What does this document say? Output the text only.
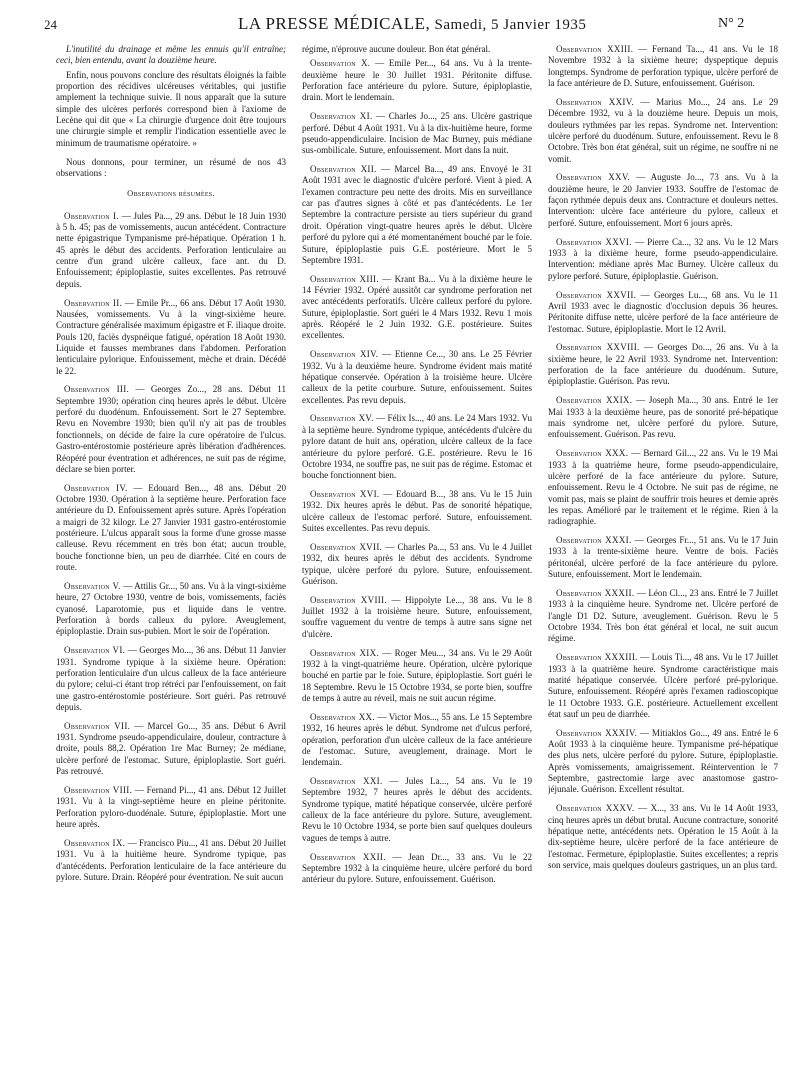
24	LA PRESSE MÉDICALE, Samedi, 5 Janvier 1935	N° 2

L'inutilité du drainage et même les ennuis qu'il entraîne; ceci, bien entendu, avant la douzième heure.

Enfin, nous pouvons conclure des résultats éloignés la faible proportion des récidives ulcéreuses véritables, qui justifie amplement la technique suivie. Il nous apparaît que la suture simple des ulcères perforés correspond bien à l'axiome de Lecène qui dit que « La chirurgie d'urgence doit être toujours une chirurgie simple et remplir l'indication essentielle avec le minimum de traumatisme opératoire. »

Nous donnons, pour terminer, un résumé de nos 43 observations :

Observations résumées.

Observation I. — Jules Pa..., 29 ans. Début le 18 Juin 1930 à 5 h. 45; pas de vomissements, aucun antécédent. Contracture nette épigastrique Tympanisme pré-hépatique. Opération 1 h. 45 après le début des accidents. Perforation lenticulaire au centre d'un grand ulcère calleux, face ant. du D. Enfouissement; épiploplastie, suites excellentes. Pas retrouvé depuis.

Observation II. — Emile Pr..., 66 ans. Début 17 Août 1930. Nausées, vomissements. Vu à la vingt-sixième heure. Contracture généralisée maximum épigastre et F. iliaque droite. Pouls 120, faciès dyspnéique fatigué, opération 18 Août 1930. Liquide et fausses membranes dans l'abdomen. Perforation lenticulaire pylorique. Enfouissement, mèche et drain. Décédé le 22.

Observation III. — Georges Zo..., 28 ans. Début 11 Septembre 1930; opération cinq heures après le début. Ulcère perforé du duodénum. Enfouissement. Sort le 27 Septembre. Revu en Novembre 1930; bien qu'il n'y ait pas de troubles fonctionnels, on décide de faire la cure opératoire de l'ulcus. Gastro-entérostomie postérieure après libération d'adhérences. Réopéré pour éventration et adhérences, ne suit pas de régime, déclare se bien porter.

Observation IV. — Edouard Ben..., 48 ans. Début 20 Octobre 1930. Opération à la septième heure. Perforation face antérieure du D. Enfouissement après suture. Après l'opération a maigri de 32 kilogr. Le 27 Janvier 1931 gastro-entérostomie postérieure. L'ulcus apparaît sous la forme d'une grosse masse calleuse. Revu récemment en très bon état; aucun trouble, bouche fonctionne bien, un peu de diarrhée. Cité en cours de route.

Observation V. — Attilis Gr..., 50 ans. Vu à la vingt-sixième heure, 27 Octobre 1930, ventre de bois, vomissements, faciès cyanosé. Laparotomie, pus et liquide dans le ventre. Perforation à bords calleux du pylore. Aveuglement, épiploplastie. Drain sus-pubien. Mort le soir de l'opération.

Observation VI. — Georges Mo..., 36 ans. Début 11 Janvier 1931. Syndrome typique à la sixième heure. Opération: perforation lenticulaire d'un ulcus calleux de la face antérieure du pylore; celui-ci étant trop rétréci par l'enfouissement, on fait une gastro-entérostomie postérieure. Sort guéri. Pas retrouvé depuis.

Observation VII. — Marcel Go..., 35 ans. Début 6 Avril 1931. Syndrome pseudo-appendiculaire, douleur, contracture à droite, pouls 88,2. Opération 1re Mac Burney; 2e médiane, ulcère perforé de l'estomac. Suture, épiploplastie. Sort guéri. Pas retrouvé.

Observation VIII. — Fernand Pi..., 41 ans. Début 12 Juillet 1931. Vu à la vingt-septième heure en pleine péritonite. Perforation pyloro-duodénale. Suture, épiploplastie. Mort une heure après.

Observation IX. — Francisco Piu..., 41 ans. Début 20 Juillet 1931. Vu à la huitième heure. Syndrome typique, pas d'antécédents. Perforation lenticulaire de la face antérieure du pylore. Suture. Drain. Réopéré pour éventration. Ne suit aucun

régime, n'éprouve aucune douleur. Bon état général.

Observation X. — Emile Per..., 64 ans. Vu à la trente-deuxième heure le 30 Juillet 1931. Péritonite diffuse. Perforation face antérieure du pylore. Suture, épiploplastie, drain. Mort le lendemain.

Observation XI. — Charles Jo..., 25 ans. Ulcère gastrique perforé. Début 4 Août 1931. Vu à la dix-huitième heure, forme pseudo-appendiculaire. Incision de Mac Burney, puis médiane sus-ombilicale. Suture, enfouissement. Mort dans la nuit.

Observation XII. — Marcel Ba..., 49 ans. Envoyé le 31 Août 1931 avec le diagnostic d'ulcère perforé. Vient à pied. A l'examen contracture peu nette des droits. Mis en surveillance car pas d'autres signes à côté et pas d'antécédents. Le 1er Septembre la contracture persiste au tiers supérieur du grand droit. Opération vingt-quatre heures après le début. Ulcère perforé du pylore qui a été momentanément bouché par le foie. Suture, épiploplastie puis G.E. postérieure. Mort le 5 Septembre 1931.

Observation XIII. — Krant Ba... Vu à la dixième heure le 14 Février 1932. Opéré aussitôt car syndrome perforation net avec antécédents perforatifs. Ulcère calleux perforé du pylore. Suture, épiploplastie. Sort guéri le 4 Mars 1932. Revu 1 mois après. Réopéré le 2 Juin 1932. G.E. postérieure. Suites excellentes.

Observation XIV. — Etienne Ce..., 30 ans. Le 25 Février 1932. Vu à la deuxième heure. Syndrome évident mais matité hépatique conservée. Opération à la troisième heure. Ulcère calleux de la petite courbure. Suture, enfouissement. Suites excellentes. Pas revu depuis.

Observation XV. — Félix Is..., 40 ans. Le 24 Mars 1932. Vu à la septième heure. Syndrome typique, antécédents d'ulcère du pylore datant de huit ans, opération, ulcère calleux de la face antérieure du pylore perforé. G.E. postérieure. Revu le 16 Octobre 1934, ne souffre pas, ne suit pas de régime. Estomac et bouche fonctionnent bien.

Observation XVI. — Edouard B..., 38 ans. Vu le 15 Juin 1932. Dix heures après le début. Pas de sonorité hépatique, ulcère calleux de l'estomac perforé. Suture, enfouissement. Suites excellentes. Pas revu depuis.

Observation XVII. — Charles Pa..., 53 ans. Vu le 4 Juillet 1932, dix heures après le début des accidents. Syndrome typique, ulcère perforé du pylore. Suture, enfouissement. Guérison.

Observation XVIII. — Hippolyte Le..., 38 ans. Vu le 8 Juillet 1932 à la troisième heure. Suture, enfouissement, souffre vaguement du ventre de temps à autre sans signe net d'ulcère.

Observation XIX. — Roger Meu..., 34 ans. Vu le 29 Août 1932 à la vingt-quatrième heure. Opération, ulcère pylorique bouché en partie par le foie. Suture, épiploplastie. Sort guéri le 18 Septembre. Revu le 15 Octobre 1934, se porte bien, souffre de temps à autre au réveil, mais ne suit aucun régime.

Observation XX. — Victor Mos..., 55 ans. Le 15 Septembre 1932, 16 heures après le début. Syndrome net d'ulcus perforé, opération, perforation d'un ulcère calleux de la face antérieure de l'estomac. Suture, aveuglement, drainage. Mort le lendemain.

Observation XXI. — Jules La..., 54 ans. Vu le 19 Septembre 1932, 7 heures après le début des accidents. Syndrome typique, matité hépatique conservée, ulcère perforé calleux de la face antérieure du pylore. Suture, aveuglement. Revu le 10 Octobre 1934, se porte bien sauf quelques douleurs vagues de temps à autre.

Observation XXII. — Jean Dr..., 33 ans. Vu le 22 Septembre 1932 à la cinquième heure, ulcère perforé du bord antérieur du pylore. Suture, enfouissement. Guérison.

Observation XXIII. — Fernand Ta..., 41 ans. Vu le 18 Novembre 1932 à la sixième heure; dyspeptique depuis longtemps. Syndrome de perforation typique, ulcère perforé de la face antérieure de D. Suture, enfouissement. Guérison.

Observation XXIV. — Marius Mo..., 24 ans. Le 29 Décembre 1932, vu à la douzième heure. Depuis un mois, douleurs rythmées par les repas. Syndrome net. Intervention: ulcère perforé du duodénum. Suture, enfouissement. Revu le 8 Octobre. Très bon état général, suit un régime, ne souffre ni ne vomit.

Observation XXV. — Auguste Jo..., 73 ans. Vu à la douzième heure, le 20 Janvier 1933. Souffre de l'estomac de façon rythmée depuis deux ans. Contracture et douleurs nettes. Intervention: ulcère face antérieure du pylore, calleux et perforé. Suture, enfouissement. Mort 6 jours après.

Observation XXVI. — Pierre Ca..., 32 ans. Vu le 12 Mars 1933 à la dixième heure, forme pseudo-appendiculaire. Intervention: médiane après Mac Burney. Ulcère calleux du pylore perforé. Suture, épiploplastie. Guérison.

Observation XXVII. — Georges Lu..., 68 ans. Vu le 11 Avril 1933 avec le diagnostic d'occlusion depuis 36 heures. Péritonite diffuse nette, ulcère perforé de la face antérieure de l'estomac. Suture, épiploplastie. Mort le 12 Avril.

Observation XXVIII. — Georges Do..., 26 ans. Vu à la sixième heure, le 22 Avril 1933. Syndrome net. Intervention: perforation de la face antérieure du duodénum. Suture, épiploplastie. Guérison. Pas revu.

Observation XXIX. — Joseph Ma..., 30 ans. Entré le 1er Mai 1933 à la deuxième heure, pas de sonorité pré-hépatique mais syndrome net, ulcère perforé du pylore. Suture, enfouissement. Guérison. Pas revu.

Observation XXX. — Bernard Gil..., 22 ans. Vu le 19 Mai 1933 à la quatrième heure, forme pseudo-appendiculaire, ulcère perforé de la face antérieure du pylore. Suture, enfouissement. Revu le 4 Octobre. Ne suit pas de régime, ne vomit pas, mais se plaint de souffrir trois heures et demie après les repas. Amélioré par le traitement et le régime. Rien à la radiographie.

Observation XXXI. — Georges Fr..., 51 ans. Vu le 17 Juin 1933 à la trente-sixième heure. Ventre de bois. Faciès péritonéal, ulcère perforé de la face antérieure du pylore. Suture, enfouissement. Mort le lendemain.

Observation XXXII. — Léon Cl..., 23 ans. Entré le 7 Juillet 1933 à la cinquième heure. Syndrome net. Ulcère perforé de l'angle D1 D2. Suture, aveuglement. Guérison. Revu le 5 Octobre 1934. Très bon état général et local, ne suit aucun régime.

Observation XXXIII. — Louis Ti..., 48 ans. Vu le 17 Juillet 1933 à la quatrième heure. Syndrome caractéristique mais matité hépatique conservée. Ulcère perforé pré-pylorique. Suture, enfouissement. Réopéré après l'examen radioscopique le 11 Octobre 1933. G.E. postérieure. Actuellement excellent état sauf un peu de diarrhée.

Observation XXXIV. — Mitiaklos Go..., 49 ans. Entré le 6 Août 1933 à la cinquième heure. Tympanisme pré-hépatique des plus nets, ulcère perforé du pylore. Suture, épiploplastie. Après vomissements, amaigrissement. Réintervention le 7 Septembre, gastrectomie large avec anastomose gastro-jéjunale. Guérison. Excellent résultat.

Observation XXXV. — X..., 33 ans. Vu le 14 Août 1933, cinq heures après un début brutal. Aucune contracture, sonorité hépatique nette, antécédents nets. Opération le 15 Août à la dix-septième heure, ulcère perforé de la face antérieure de l'estomac. Fermeture, épiploplastie. Suites excellentes; a repris son service, mais quelques douleurs gastriques, un an plus tard.
